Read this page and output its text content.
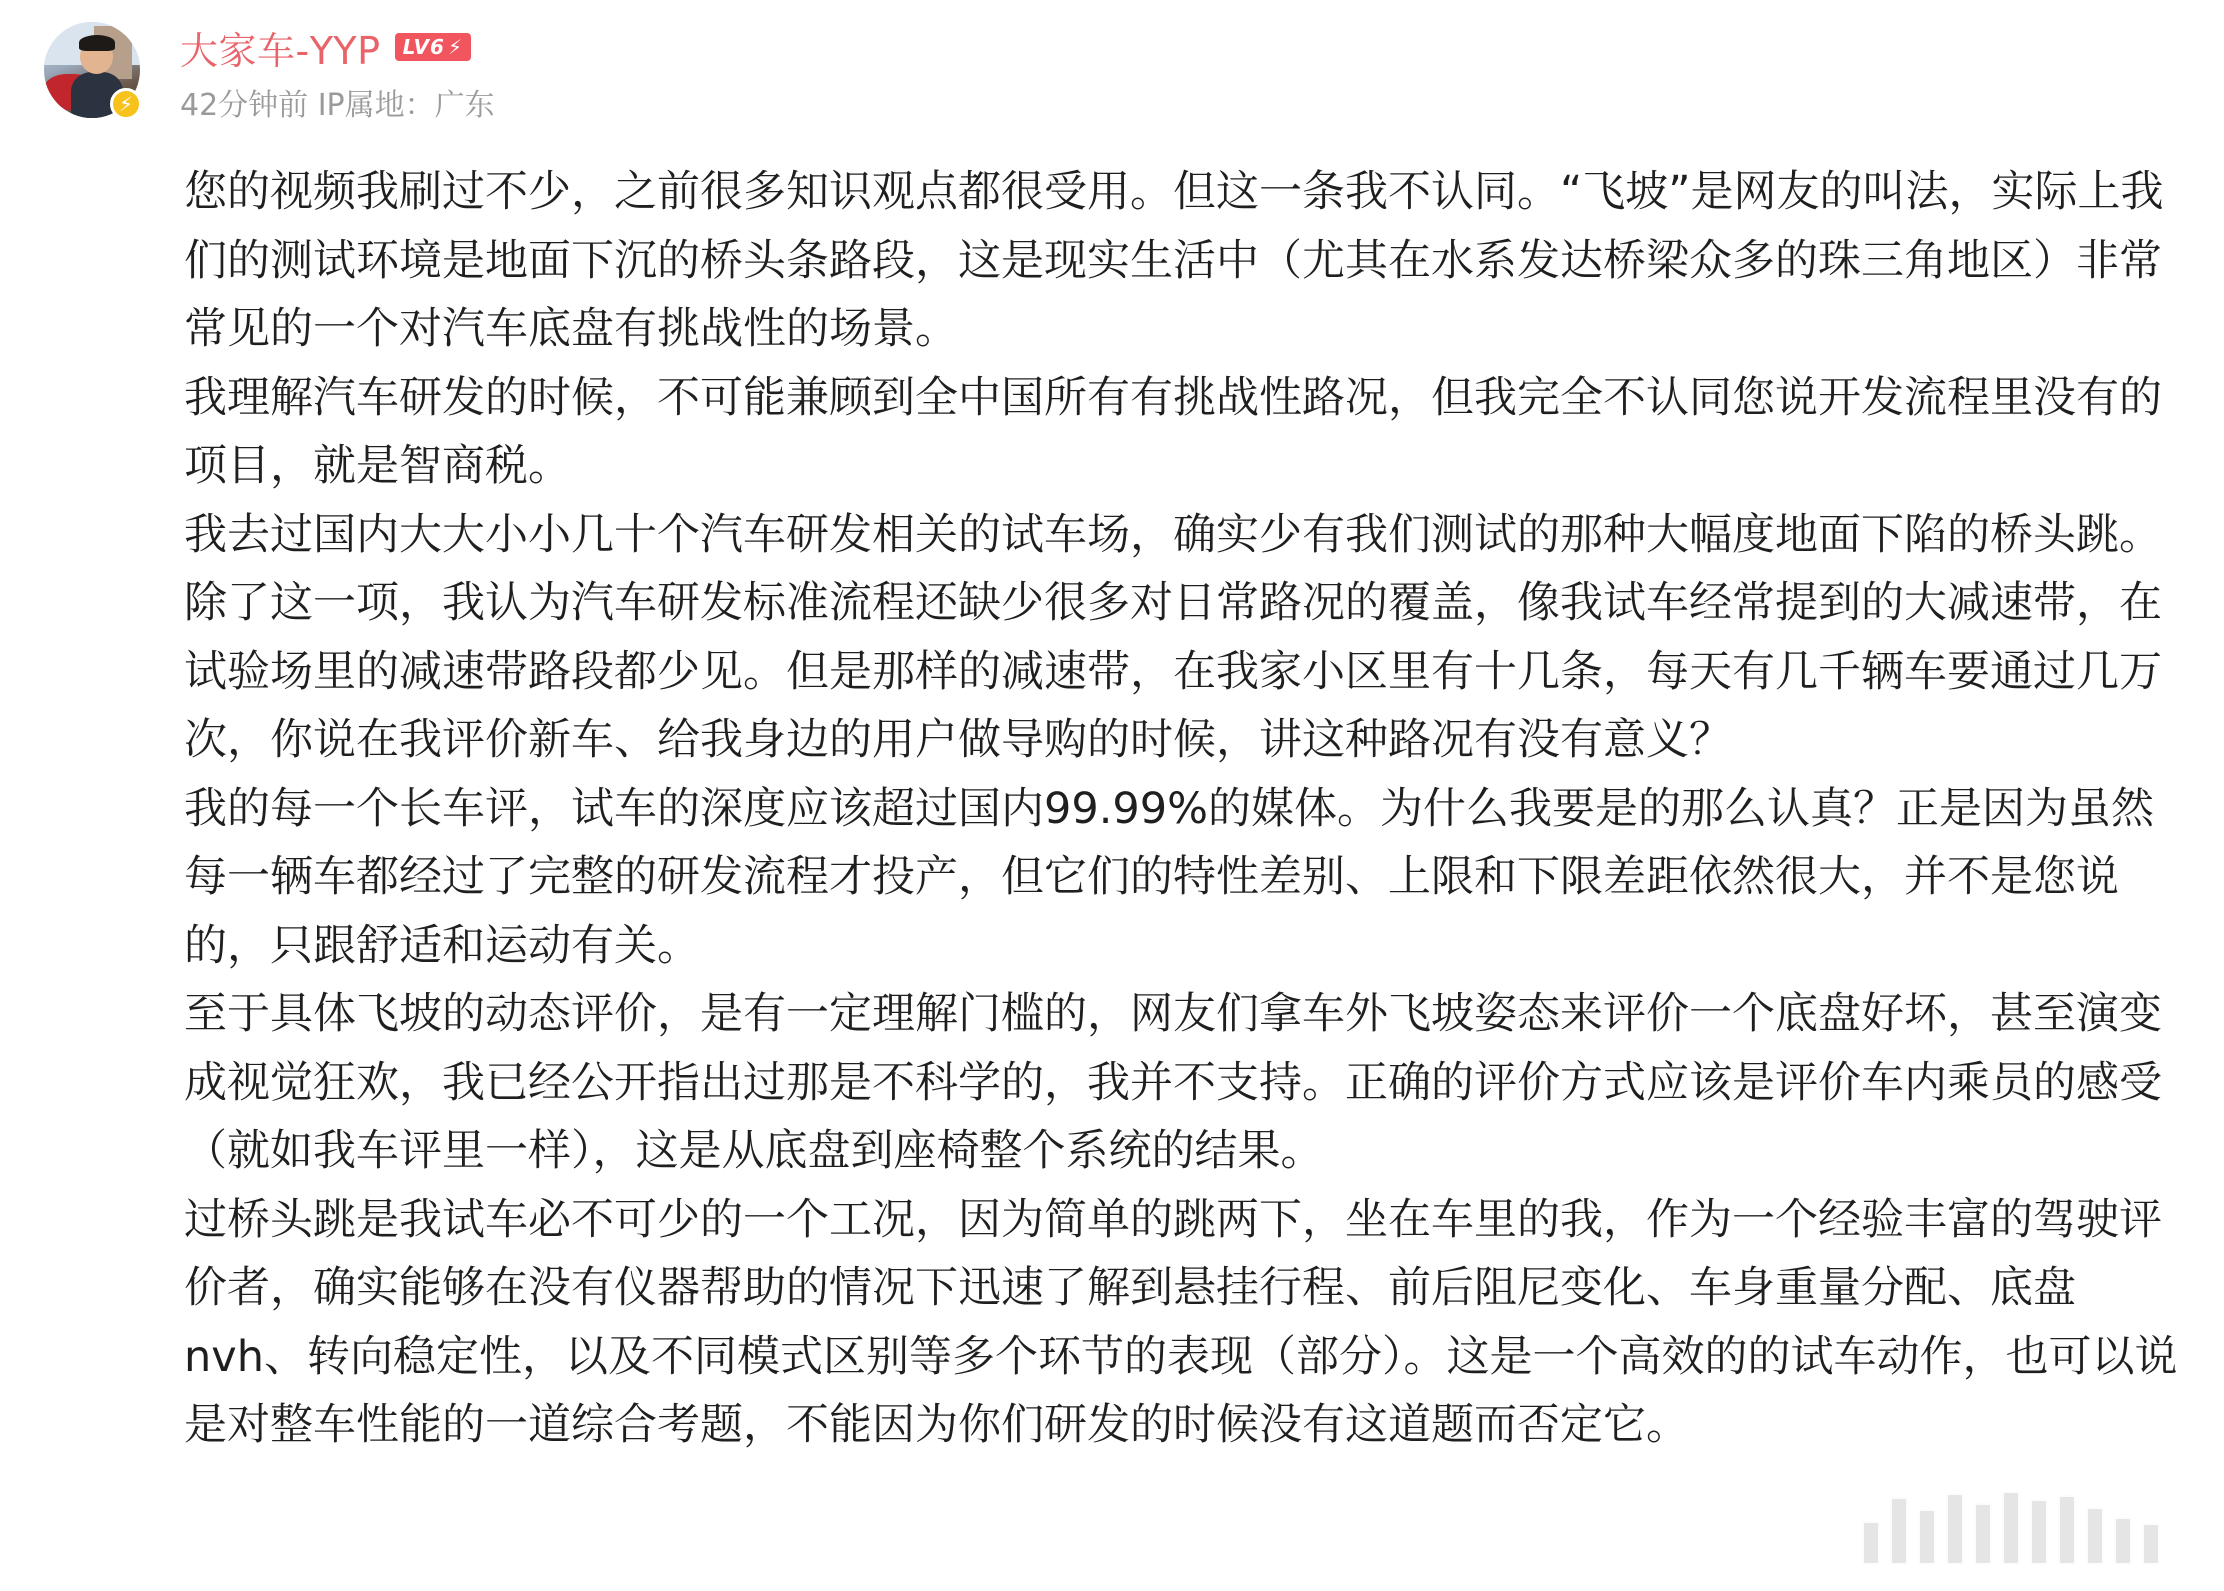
⚡
大家车-YYP LV6 ⚡
42分钟前 IP属地：广东

您的视频我刷过不少，之前很多知识观点都很受用。但这一条我不认同。“飞坡”是网友的叫法，实际上我们的测试环境是地面下沉的桥头条路段，这是现实生活中（尤其在水系发达桥梁众多的珠三角地区）非常常见的一个对汽车底盘有挑战性的场景。

我理解汽车研发的时候，不可能兼顾到全中国所有有挑战性路况，但我完全不认同您说开发流程里没有的项目，就是智商税。

我去过国内大大小小几十个汽车研发相关的试车场，确实少有我们测试的那种大幅度地面下陷的桥头跳。除了这一项，我认为汽车研发标准流程还缺少很多对日常路况的覆盖，像我试车经常提到的大减速带，在试验场里的减速带路段都少见。但是那样的减速带，在我家小区里有十几条，每天有几千辆车要通过几万次，你说在我评价新车、给我身边的用户做导购的时候，讲这种路况有没有意义？

我的每一个长车评，试车的深度应该超过国内99.99%的媒体。为什么我要是的那么认真？正是因为虽然每一辆车都经过了完整的研发流程才投产，但它们的特性差别、上限和下限差距依然很大，并不是您说的，只跟舒适和运动有关。

至于具体飞坡的动态评价，是有一定理解门槛的，网友们拿车外飞坡姿态来评价一个底盘好坏，甚至演变成视觉狂欢，我已经公开指出过那是不科学的，我并不支持。正确的评价方式应该是评价车内乘员的感受（就如我车评里一样），这是从底盘到座椅整个系统的结果。

过桥头跳是我试车必不可少的一个工况，因为简单的跳两下，坐在车里的我，作为一个经验丰富的驾驶评价者，确实能够在没有仪器帮助的情况下迅速了解到悬挂行程、前后阻尼变化、车身重量分配、底盘nvh、转向稳定性，以及不同模式区别等多个环节的表现（部分）。这是一个高效的的试车动作，也可以说是对整车性能的一道综合考题，不能因为你们研发的时候没有这道题而否定它。
